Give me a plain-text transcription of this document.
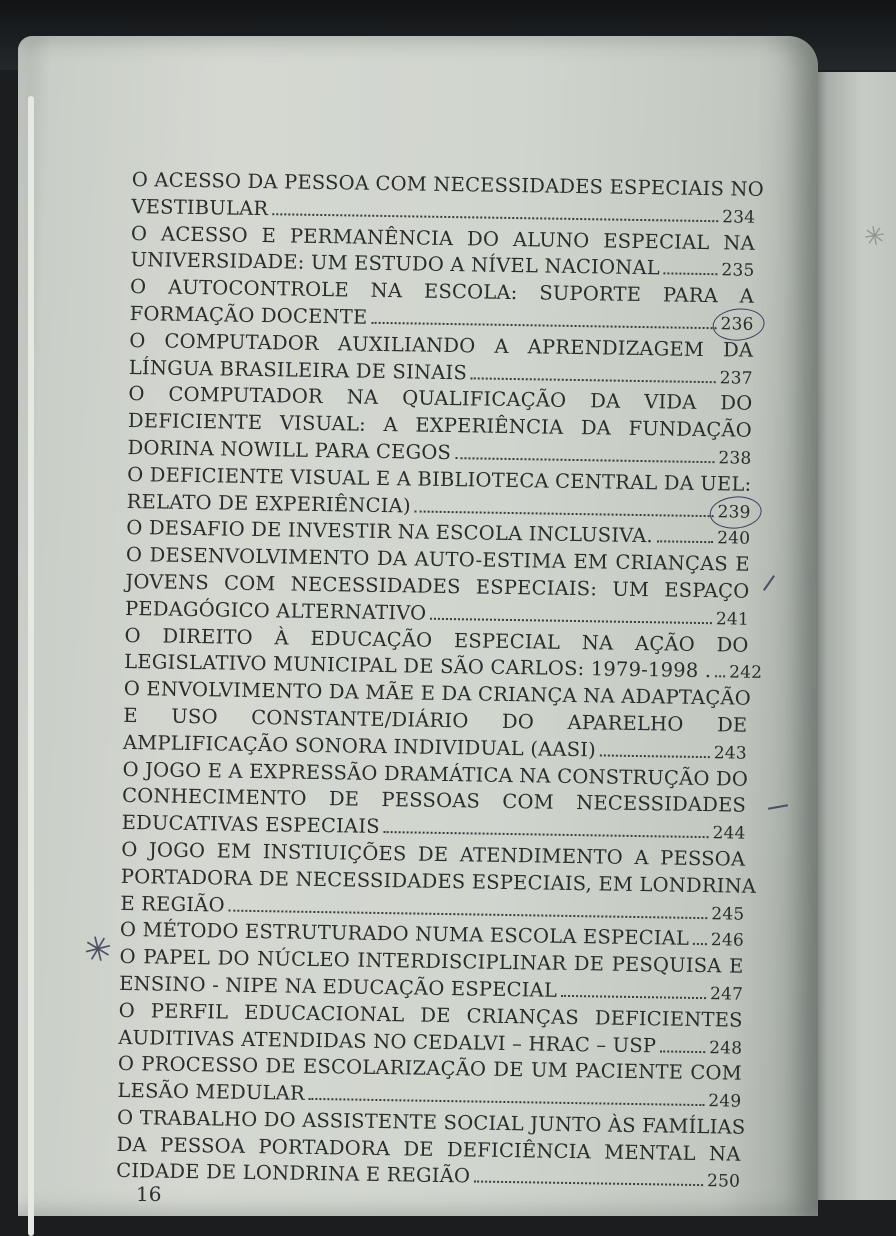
✳
O ACESSO DA PESSOA COM NECESSIDADES ESPECIAIS NO
VESTIBULAR	234
O ACESSO E PERMANÊNCIA DO ALUNO ESPECIAL NA
UNIVERSIDADE: UM ESTUDO A NÍVEL NACIONAL	235
O AUTOCONTROLE NA ESCOLA: SUPORTE PARA A
FORMAÇÃO DOCENTE	236
O COMPUTADOR AUXILIANDO A APRENDIZAGEM DA
LÍNGUA BRASILEIRA DE SINAIS	237
O COMPUTADOR NA QUALIFICAÇÃO DA VIDA DO
DEFICIENTE VISUAL: A EXPERIÊNCIA DA FUNDAÇÃO
DORINA NOWILL PARA CEGOS	238
O DEFICIENTE VISUAL E A BIBLIOTECA CENTRAL DA UEL:
RELATO DE EXPERIÊNCIA)	239
O DESAFIO DE INVESTIR NA ESCOLA INCLUSIVA.	240
O DESENVOLVIMENTO DA AUTO-ESTIMA EM CRIANÇAS E
JOVENS COM NECESSIDADES ESPECIAIS: UM ESPAÇO
PEDAGÓGICO ALTERNATIVO	241
O DIREITO À EDUCAÇÃO ESPECIAL NA AÇÃO DO
LEGISLATIVO MUNICIPAL DE SÃO CARLOS: 1979-1998 . 242
O ENVOLVIMENTO DA MÃE E DA CRIANÇA NA ADAPTAÇÃO
E USO CONSTANTE/DIÁRIO DO APARELHO DE
AMPLIFICAÇÃO SONORA INDIVIDUAL (AASI)	243
O JOGO E A EXPRESSÃO DRAMÁTICA NA CONSTRUÇÃO DO
CONHECIMENTO DE PESSOAS COM NECESSIDADES
EDUCATIVAS ESPECIAIS	244
O JOGO EM INSTIUIÇÕES DE ATENDIMENTO A PESSOA
PORTADORA DE NECESSIDADES ESPECIAIS, EM LONDRINA
E REGIÃO	245
O MÉTODO ESTRUTURADO NUMA ESCOLA ESPECIAL 246
O PAPEL DO NÚCLEO INTERDISCIPLINAR DE PESQUISA E
ENSINO - NIPE NA EDUCAÇÃO ESPECIAL	247
O PERFIL EDUCACIONAL DE CRIANÇAS DEFICIENTES
AUDITIVAS ATENDIDAS NO CEDALVI – HRAC – USP	248
O PROCESSO DE ESCOLARIZAÇÃO DE UM PACIENTE COM
LESÃO MEDULAR	249
O TRABALHO DO ASSISTENTE SOCIAL JUNTO ÀS FAMÍLIAS
DA PESSOA PORTADORA DE DEFICIÊNCIA MENTAL NA
CIDADE DE LONDRINA E REGIÃO	250
✳
16
